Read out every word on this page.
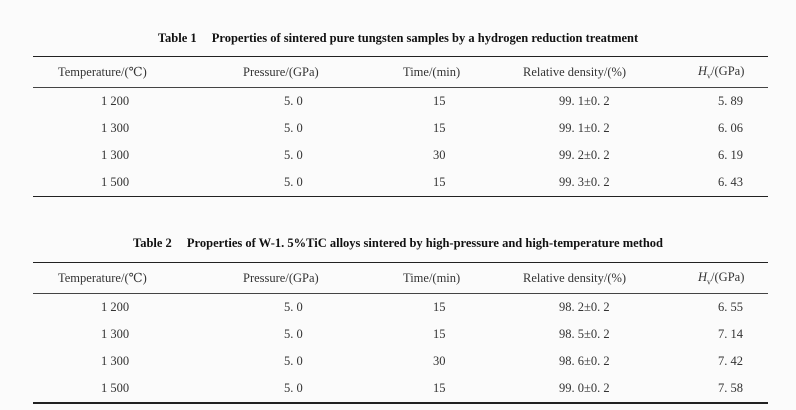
Table 1 Properties of sintered pure tungsten samples by a hydrogen reduction treatment
Temperature/(℃)	Pressure/(GPa)	Time/(min)	Relative density/(%)	$H_v/(GPa)$
1 200	5. 0	15	99. 1±0. 2	5. 89
1 300	5. 0	15	99. 1±0. 2	6. 06
1 300	5. 0	30	99. 2±0. 2	6. 19
1 500	5. 0	15	99. 3±0. 2	6. 43
Table 2 Properties of W-1. 5%TiC alloys sintered by high-pressure and high-temperature method
Temperature/(℃)	Pressure/(GPa)	Time/(min)	Relative density/(%)	$H_v/(GPa)$
1 200	5. 0	15	98. 2±0. 2	6. 55
1 300	5. 0	15	98. 5±0. 2	7. 14
1 300	5. 0	30	98. 6±0. 2	7. 42
1 500	5. 0	15	99. 0±0. 2	7. 58
